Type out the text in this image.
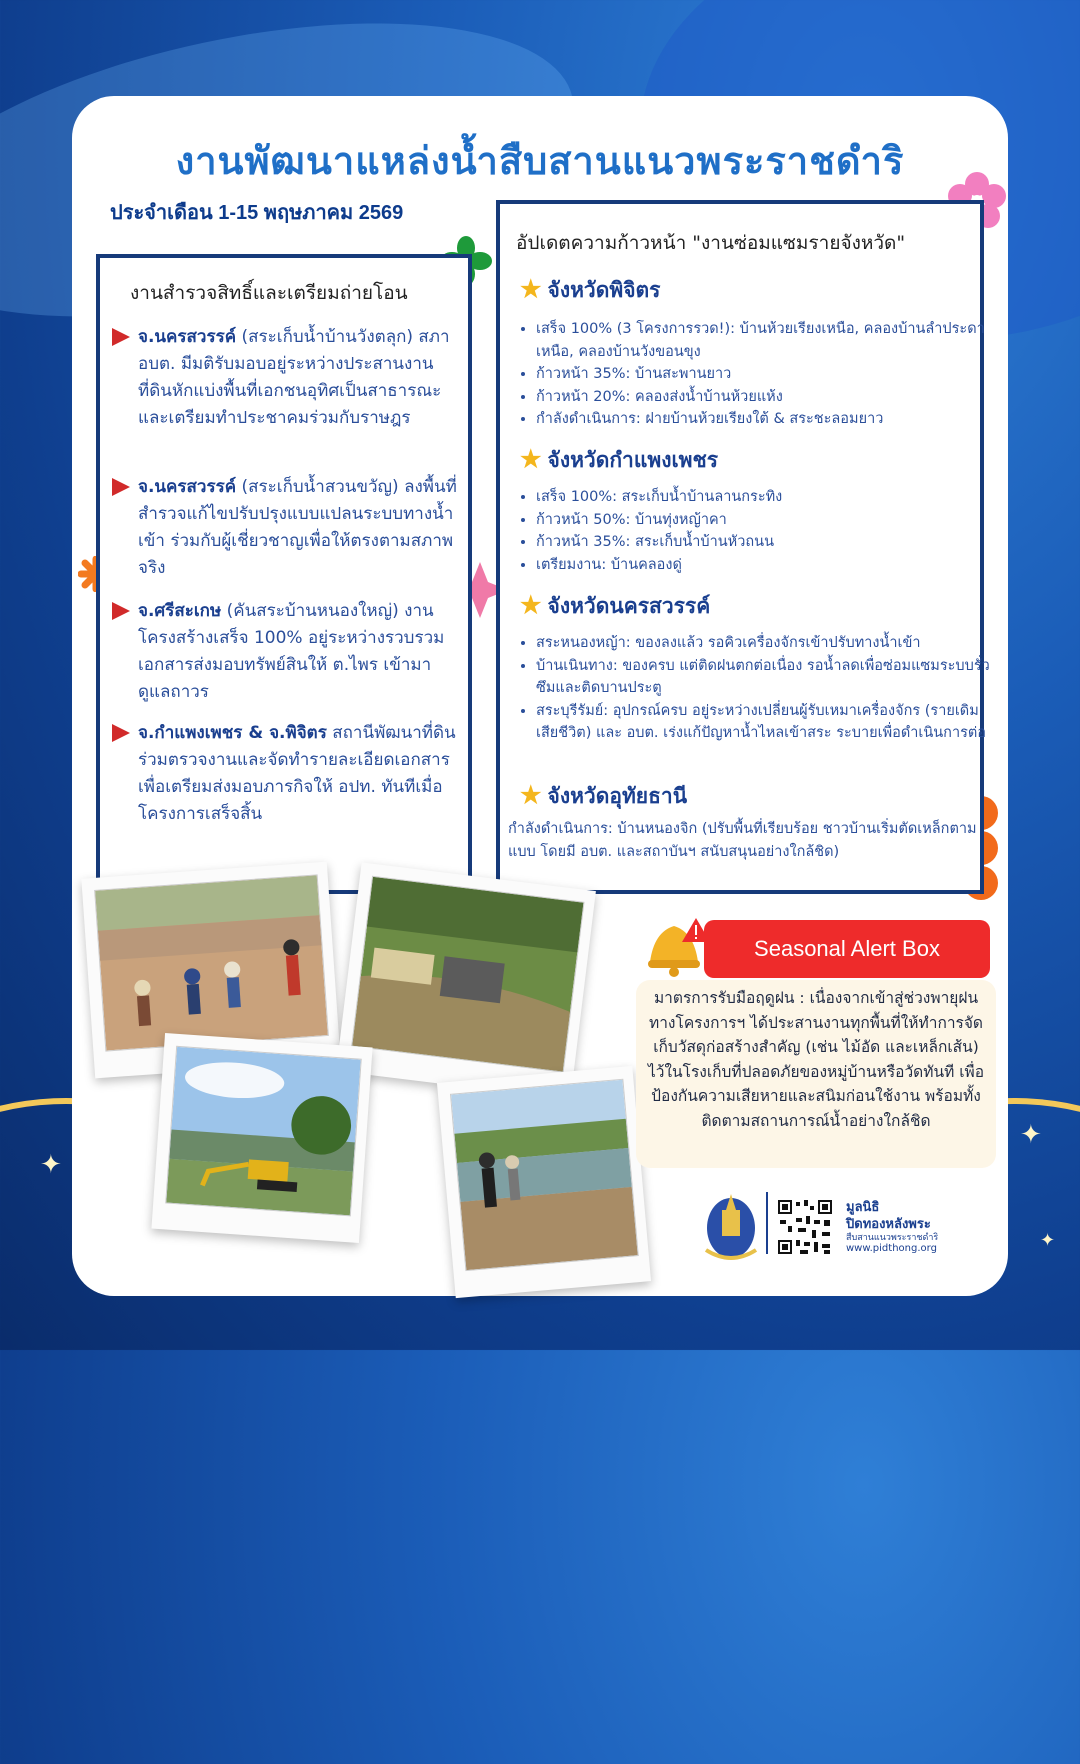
✦
✦
✦
งานพัฒนาแหล่งน้ำสืบสานแนวพระราชดำริ
ประจำเดือน 1-15 พฤษภาคม 2569
งานสำรวจสิทธิ์และเตรียมถ่ายโอน
จ.นครสวรรค์ (สระเก็บน้ำบ้านวังตลุก) สภา อบต. มีมติรับมอบอยู่ระหว่างประสานงานที่ดินหักแบ่งพื้นที่เอกชนอุทิศเป็นสาธารณะ และเตรียมทำประชาคมร่วมกับราษฎร
จ.นครสวรรค์ (สระเก็บน้ำสวนขวัญ) ลงพื้นที่สำรวจแก้ไขปรับปรุงแบบแปลนระบบทางน้ำเข้า ร่วมกับผู้เชี่ยวชาญเพื่อให้ตรงตามสภาพจริง
จ.ศรีสะเกษ (คันสระบ้านหนองใหญ่) งานโครงสร้างเสร็จ 100% อยู่ระหว่างรวบรวมเอกสารส่งมอบทรัพย์สินให้ ต.ไพร เข้ามาดูแลถาวร
จ.กำแพงเพชร & จ.พิจิตร สถานีพัฒนาที่ดินร่วมตรวจงานและจัดทำรายละเอียดเอกสาร เพื่อเตรียมส่งมอบภารกิจให้ อปท. ทันทีเมื่อโครงการเสร็จสิ้น
อัปเดตความก้าวหน้า "งานซ่อมแซมรายจังหวัด"
★ จังหวัดพิจิตร
• เสร็จ 100% (3 โครงการรวด!): บ้านห้วยเรียงเหนือ, คลองบ้านลำประดาเหนือ, คลองบ้านวังขอนขุง
• ก้าวหน้า 35%: บ้านสะพานยาว
• ก้าวหน้า 20%: คลองส่งน้ำบ้านห้วยแห้ง
• กำลังดำเนินการ: ฝายบ้านห้วยเรียงใต้ & สระชะลอมยาว
★ จังหวัดกำแพงเพชร
• เสร็จ 100%: สระเก็บน้ำบ้านลานกระทิง
• ก้าวหน้า 50%: บ้านทุ่งหญ้าคา
• ก้าวหน้า 35%: สระเก็บน้ำบ้านหัวถนน
• เตรียมงาน: บ้านคลองดู่
★ จังหวัดนครสวรรค์
• สระหนองหญ้า: ของลงแล้ว รอคิวเครื่องจักรเข้าปรับทางน้ำเข้า
• บ้านเนินทาง: ของครบ แต่ติดฝนตกต่อเนื่อง รอน้ำลดเพื่อซ่อมแซมระบบรั่วซึมและติดบานประตู
• สระบุรีรัมย์: อุปกรณ์ครบ อยู่ระหว่างเปลี่ยนผู้รับเหมาเครื่องจักร (รายเดิมเสียชีวิต) และ อบต. เร่งแก้ปัญหาน้ำไหลเข้าสระ ระบายเพื่อดำเนินการต่อ
★ จังหวัดอุทัยธานี
กำลังดำเนินการ: บ้านหนองจิก (ปรับพื้นที่เรียบร้อย ชาวบ้านเริ่มตัดเหล็กตามแบบ โดยมี อบต. และสถาบันฯ สนับสนุนอย่างใกล้ชิด)
Seasonal Alert Box
มาตรการรับมือฤดูฝน : เนื่องจากเข้าสู่ช่วงพายุฝน ทางโครงการฯ ได้ประสานงานทุกพื้นที่ให้ทำการจัดเก็บวัสดุก่อสร้างสำคัญ (เช่น ไม้อัด และเหล็กเส้น) ไว้ในโรงเก็บที่ปลอดภัยของหมู่บ้านหรือวัดทันที เพื่อป้องกันความเสียหายและสนิมก่อนใช้งาน พร้อมทั้งติดตามสถานการณ์น้ำอย่างใกล้ชิด
มูลนิธิ
ปิดทองหลังพระ
สืบสานแนวพระราชดำริ
www.pidthong.org
